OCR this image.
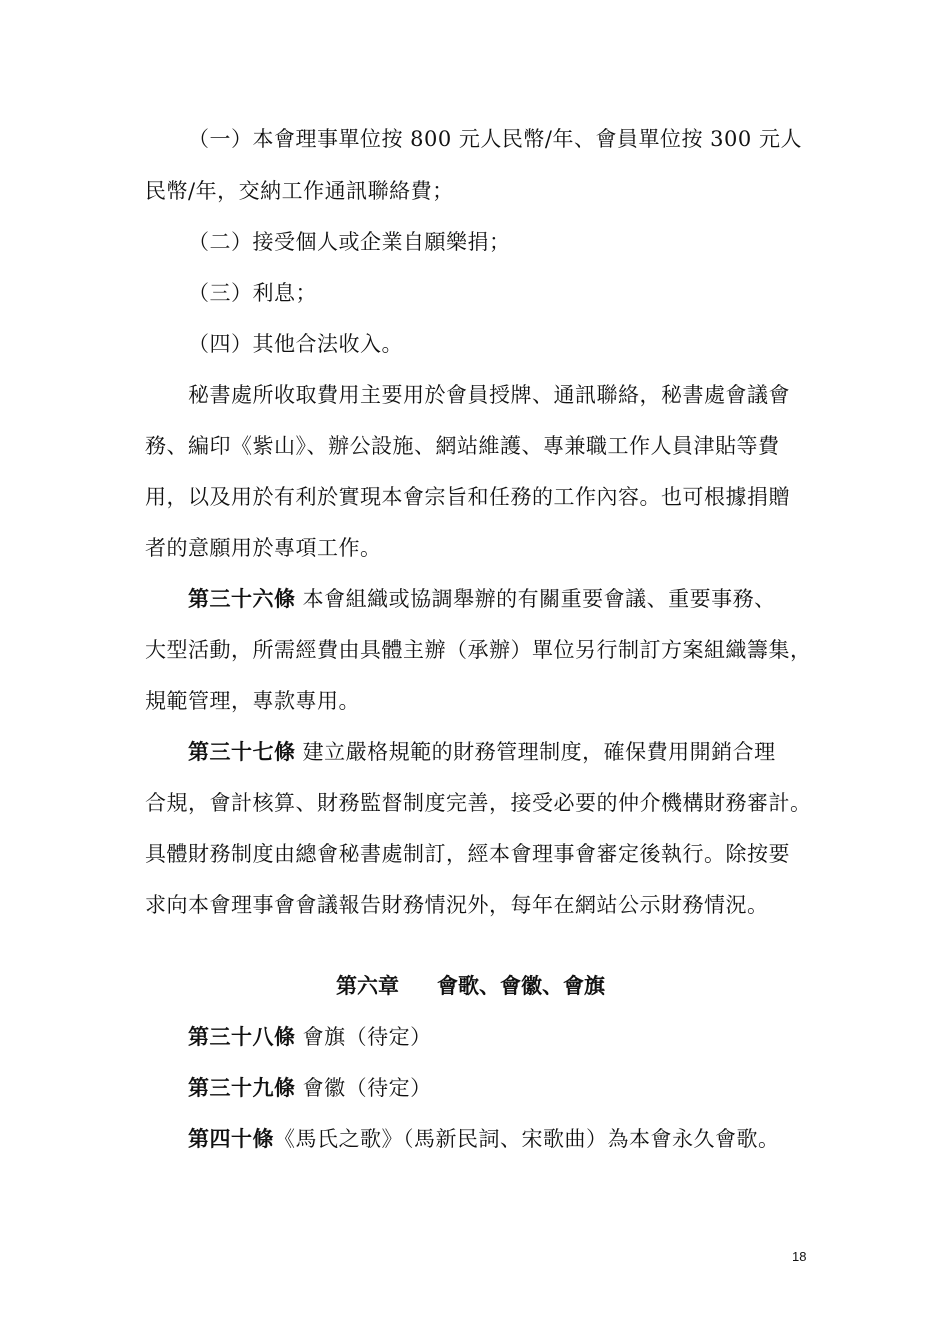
（一）本會理事單位按 800 元人民幣/年、會員單位按 300 元人
民幣/年，交納工作通訊聯絡費；
（二）接受個人或企業自願樂捐；
（三）利息；
（四）其他合法收入。
秘書處所收取費用主要用於會員授牌、通訊聯絡，秘書處會議會
務、編印《紫山》、辦公設施、網站維護、專兼職工作人員津貼等費
用，以及用於有利於實現本會宗旨和任務的工作內容。也可根據捐贈
者的意願用於專項工作。
第三十六條 本會組織或協調舉辦的有關重要會議、重要事務、
大型活動，所需經費由具體主辦（承辦）單位另行制訂方案組織籌集，
規範管理，專款專用。
第三十七條 建立嚴格規範的財務管理制度，確保費用開銷合理
合規，會計核算、財務監督制度完善，接受必要的仲介機構財務審計。
具體財務制度由總會秘書處制訂，經本會理事會審定後執行。除按要
求向本會理事會會議報告財務情況外，每年在網站公示財務情況。
第六章 會歌、會徽、會旗
第三十八條 會旗（待定）
第三十九條 會徽（待定）
第四十條《馬氏之歌》（馬新民詞、宋歌曲）為本會永久會歌。
18
